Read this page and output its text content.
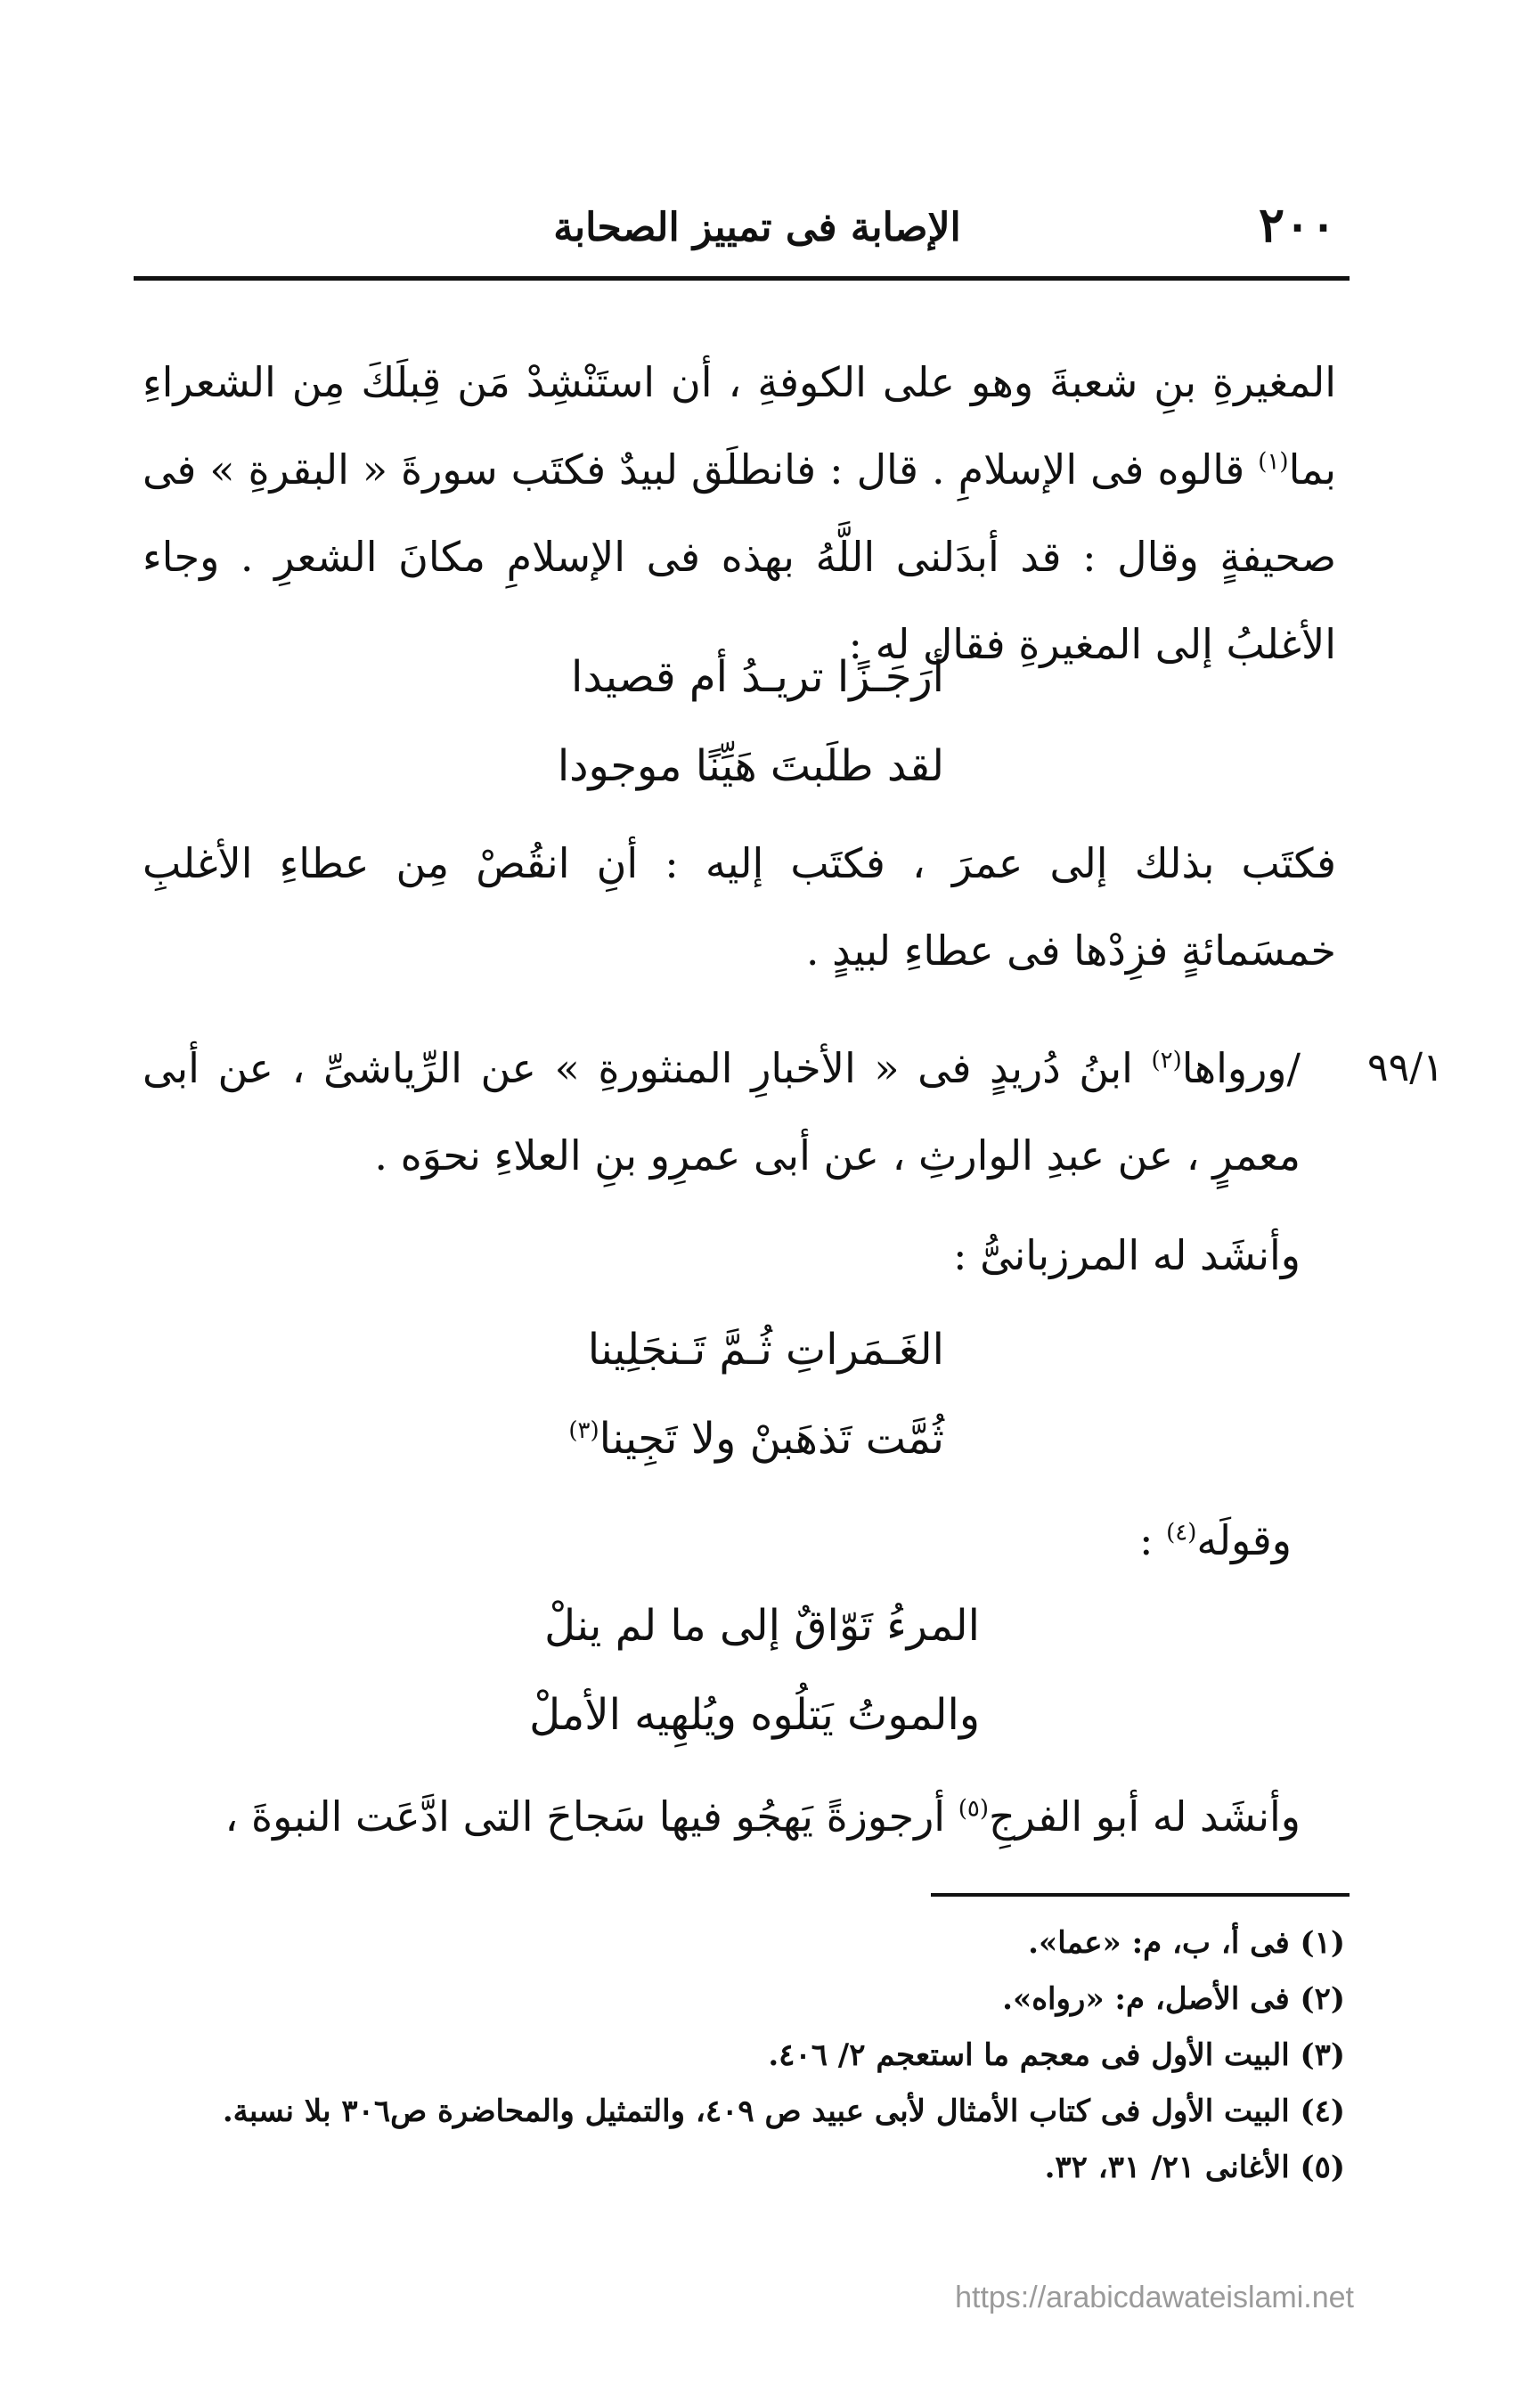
٢٠٠
الإصابة فى تمييز الصحابة
المغيرةِ بنِ شعبةَ وهو على الكوفةِ ، أن استَنْشِدْ مَن قِبلَكَ مِن الشعراءِ بما$^{(١)}$ قالوه فى الإسلامِ . قال : فانطلَق لبيدٌ فكتَب سورةَ « البقرةِ » فى صحيفةٍ وقال : قد أبدَلنى اللَّهُ بهذه فى الإسلامِ مكانَ الشعرِ . وجاء الأغلبُ إلى المغيرةِ فقال له :
أرَجَـزًا تريـدُ أم قصيدا
لقد طلَبتَ هَيِّنًا موجودا
فكتَب بذلك إلى عمرَ ، فكتَب إليه : أنِ انقُصْ مِن عطاءِ الأغلبِ خمسَمائةٍ فزِدْها فى عطاءِ لبيدٍ .
٩٩/١
/ورواها$^{(٢)}$ ابنُ دُريدٍ فى « الأخبارِ المنثورةِ » عن الرِّياشىِّ ، عن أبى معمرٍ ، عن عبدِ الوارثِ ، عن أبى عمرِو بنِ العلاءِ نحوَه .
وأنشَد له المرزبانىُّ :
الغَـمَراتِ ثُـمَّ تَـنجَلِينا
ثُمَّت تَذهَبنْ ولا تَجِينا$^{(٣)}$
وقولَه$^{(٤)}$ :
المرءُ تَوّاقٌ إلى ما لم ينلْ
والموتُ يَتلُوه ويُلهِيه الأملْ
وأنشَد له أبو الفرجِ$^{(٥)}$ أرجوزةً يَهجُو فيها سَجاحَ التى ادَّعَت النبوةَ ،
(١) فى أ، ب، م: «عما».
(٢) فى الأصل، م: «رواه».
(٣) البيت الأول فى معجم ما استعجم ٢/ ٤٠٦.
(٤) البيت الأول فى كتاب الأمثال لأبى عبيد ص ٤٠٩، والتمثيل والمحاضرة ص٣٠٦ بلا نسبة.
(٥) الأغانى ٢١/ ٣١، ٣٢.
https://arabicdawateislami.net
